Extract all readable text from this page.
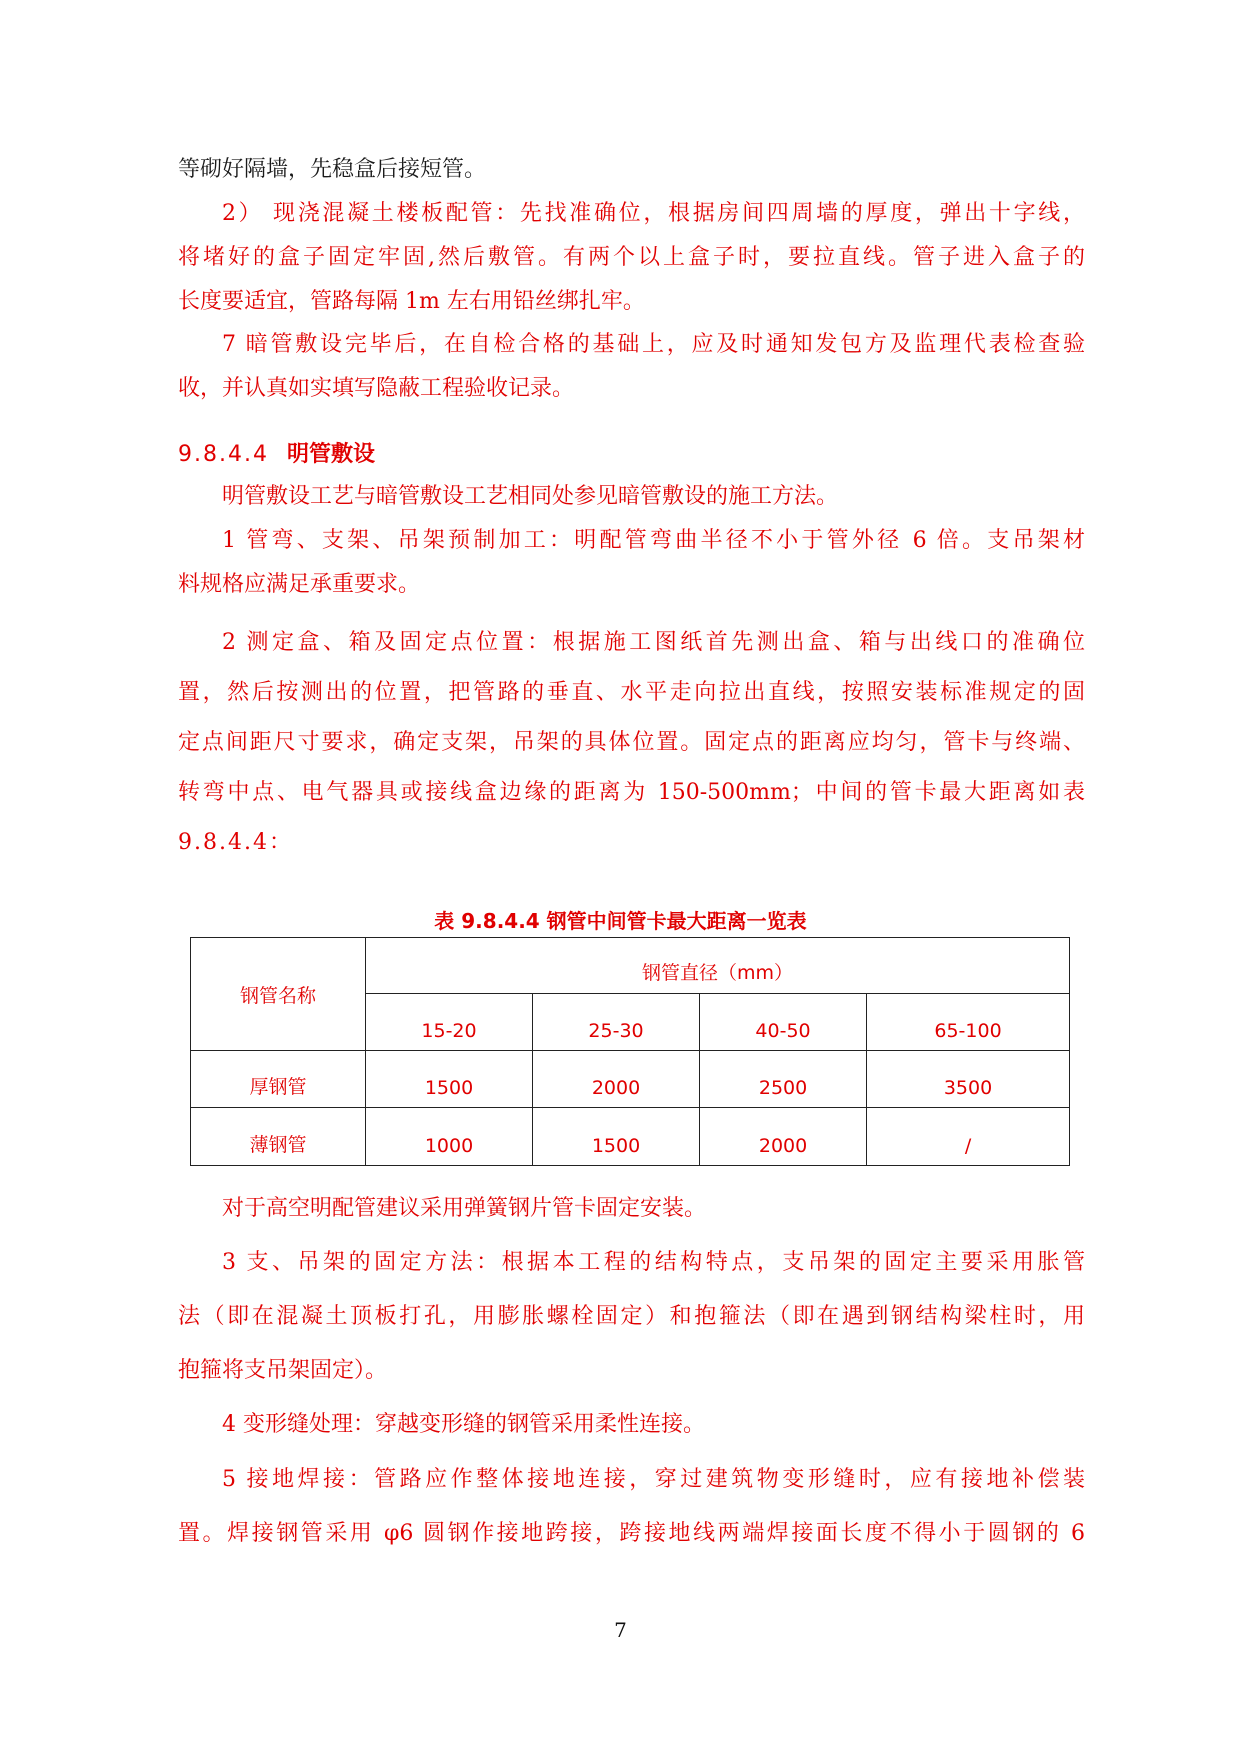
等砌好隔墙，先稳盒后接短管。
2） 现浇混凝土楼板配管：先找准确位，根据房间四周墙的厚度，弹出十字线，
将堵好的盒子固定牢固,然后敷管。有两个以上盒子时，要拉直线。管子进入盒子的
长度要适宜，管路每隔 1m 左右用铅丝绑扎牢。
7 暗管敷设完毕后，在自检合格的基础上，应及时通知发包方及监理代表检查验
收，并认真如实填写隐蔽工程验收记录。
9.8.4.4 明管敷设
明管敷设工艺与暗管敷设工艺相同处参见暗管敷设的施工方法。
1 管弯、支架、吊架预制加工：明配管弯曲半径不小于管外径 6 倍。支吊架材
料规格应满足承重要求。
2 测定盒、箱及固定点位置：根据施工图纸首先测出盒、箱与出线口的准确位
置，然后按测出的位置，把管路的垂直、水平走向拉出直线，按照安装标准规定的固
定点间距尺寸要求，确定支架，吊架的具体位置。固定点的距离应均匀，管卡与终端、
转弯中点、电气器具或接线盒边缘的距离为 150-500mm；中间的管卡最大距离如表
9.8.4.4：
表 9.8.4.4 钢管中间管卡最大距离一览表
钢管名称	钢管直径（mm）			
	15-20	25-30	40-50	65-100
厚钢管	1500	2000	2500	3500
薄钢管	1000	1500	2000	/
对于高空明配管建议采用弹簧钢片管卡固定安装。
3 支、吊架的固定方法：根据本工程的结构特点，支吊架的固定主要采用胀管
法（即在混凝土顶板打孔，用膨胀螺栓固定）和抱箍法（即在遇到钢结构梁柱时，用
抱箍将支吊架固定）。
4 变形缝处理：穿越变形缝的钢管采用柔性连接。
5 接地焊接：管路应作整体接地连接，穿过建筑物变形缝时，应有接地补偿装
置。焊接钢管采用 φ6 圆钢作接地跨接，跨接地线两端焊接面长度不得小于圆钢的 6
7
